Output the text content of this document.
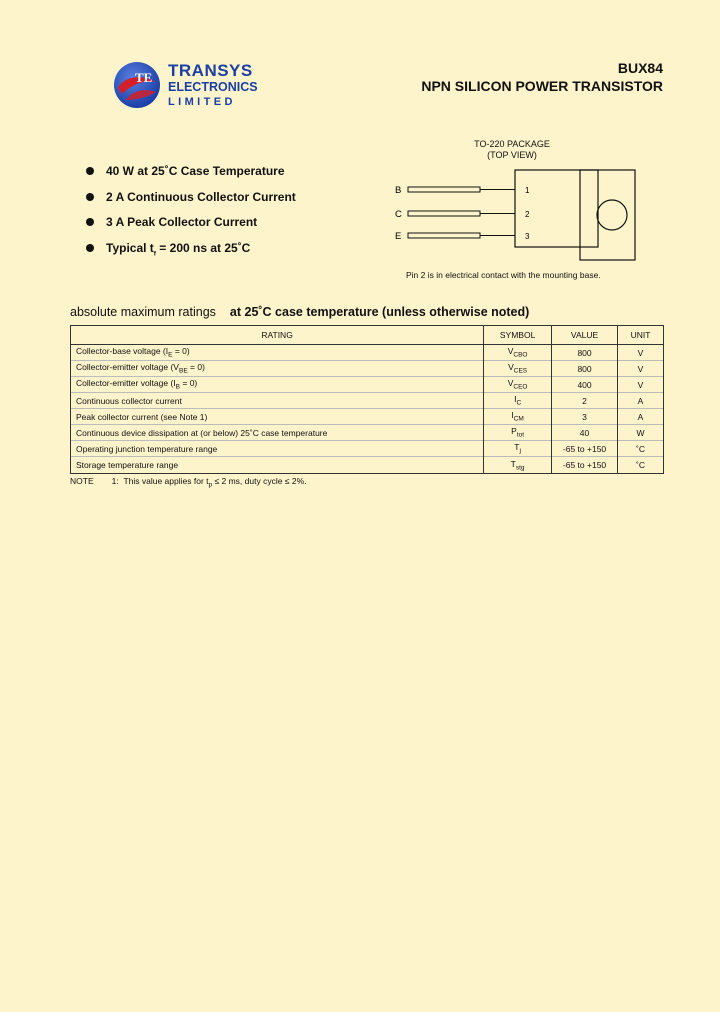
TE TRANSYS
ELECTRONICS
LIMITED
BUX84
NPN SILICON POWER TRANSISTOR
40 W at 25˚C Case Temperature
2 A Continuous Collector Current
3 A Peak Collector Current
Typical $t_f = 200$ ns at 25˚C
TO-220 PACKAGE
(TOP VIEW)
B
C
E
1
2
3
Pin 2 is in electrical contact with the mounting base.
absolute maximum ratings at 25˚C case temperature (unless otherwise noted)
RATING	SYMBOL	VALUE	UNIT
Collector-base voltage $(I_E = 0)$	$V_{CBO}$	800	V
Collector-emitter voltage $(V_{BE} = 0)$	$V_{CES}$	800	V
Collector-emitter voltage $(I_B = 0)$	$V_{CEO}$	400	V
Continuous collector current	$I_C$	2	A
Peak collector current (see Note 1)	$I_{CM}$	3	A
Continuous device dissipation at (or below) 25˚C case temperature	$P_{tot}$	40	W
Operating junction temperature range	$T_j$	-65 to +150	˚C
Storage temperature range	$T_{stg}$	-65 to +150	˚C
NOTE 1: This value applies for $t_p \le 2$ ms, duty cycle ≤ 2%.
